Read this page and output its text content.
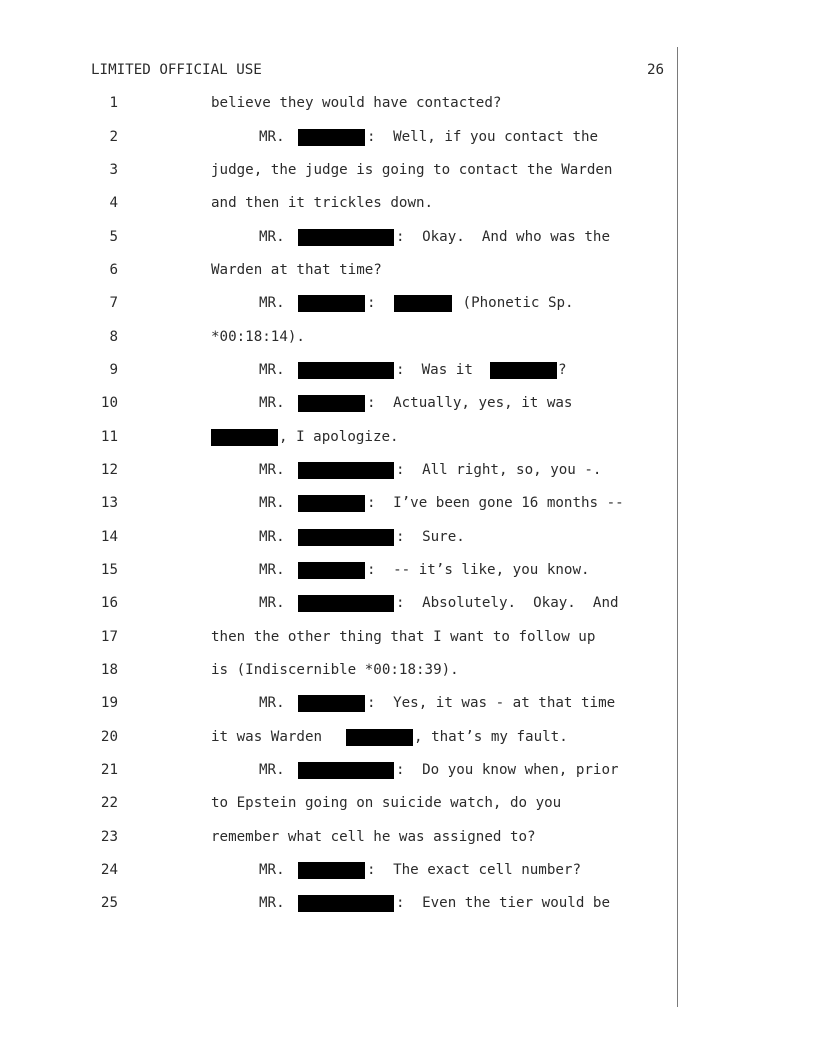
LIMITED OFFICIAL USE	26
1	believe they would have contacted?
2	MR.	: Well, if you contact the
3	judge, the judge is going to contact the Warden
4	and then it trickles down.
5	MR.	: Okay.  And who was the
6	Warden at that time?
7	MR.	:	(Phonetic Sp.
8	*00:18:14).
9	MR.	:  Was it	?
10	MR.	: Actually, yes, it was
11	, I apologize.
12	MR.	: All right, so, you -.
13	MR.	: I’ve been gone 16 months --
14	MR.	: Sure.
15	MR.	: -- it’s like, you know.
16	MR.	: Absolutely.  Okay.  And
17	then the other thing that I want to follow up
18	is (Indiscernible *00:18:39).
19	MR.	: Yes, it was - at that time
20	it was Warden	, that’s my fault.
21	MR.	: Do you know when, prior
22	to Epstein going on suicide watch, do you
23	remember what cell he was assigned to?
24	MR.	: The exact cell number?
25	MR.	: Even the tier would be
